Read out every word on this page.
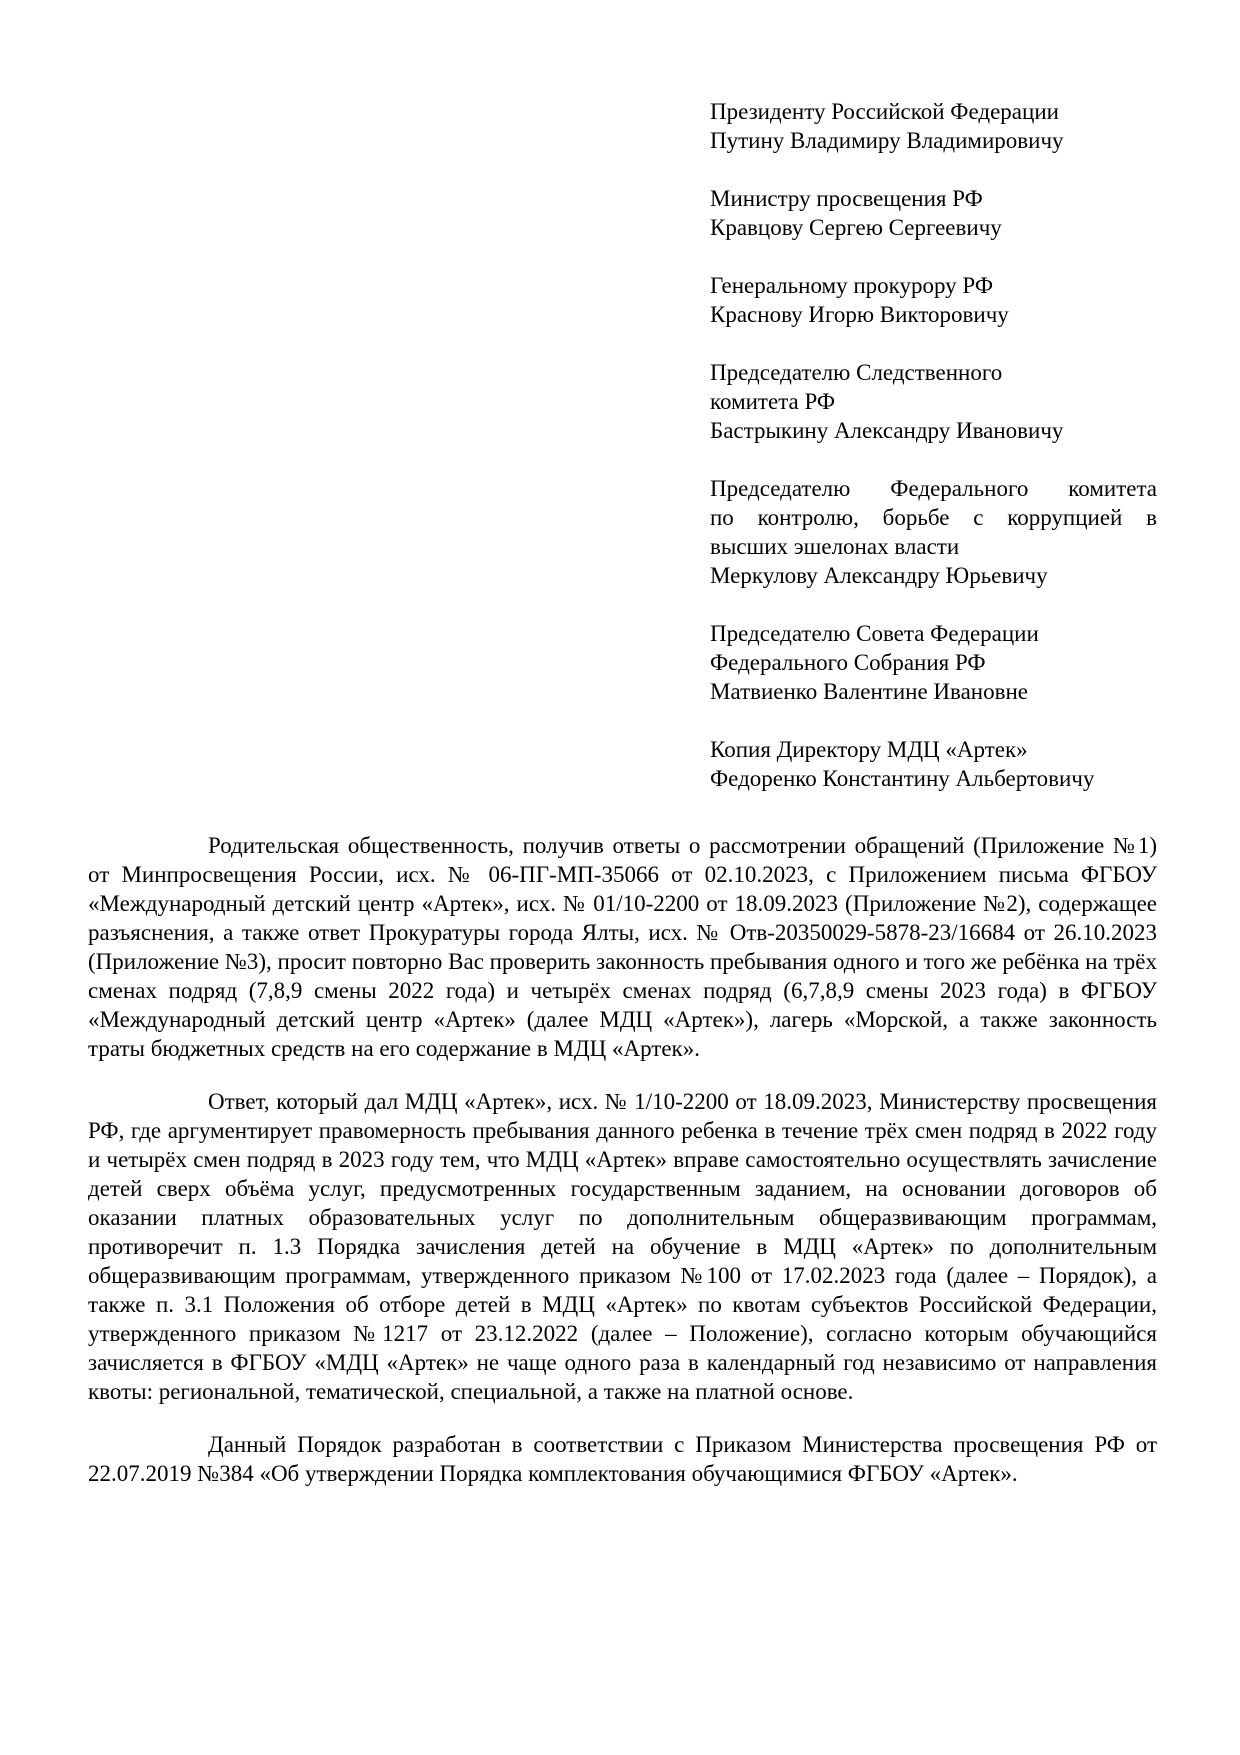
Президенту Российской Федерации
Путину Владимиру Владимировичу
Министру просвещения РФ
Кравцову Сергею Сергеевичу
Генеральному прокурору РФ
Краснову Игорю Викторовичу
Председателю Следственного
комитета РФ
Бастрыкину Александру Ивановичу
Председателю Федерального комитета
по контролю, борьбе с коррупцией в
высших эшелонах власти
Меркулову Александру Юрьевичу
Председателю Совета Федерации
Федерального Собрания РФ
Матвиенко Валентине Ивановне
Копия Директору МДЦ «Артек»
Федоренко Константину Альбертовичу

Родительская общественность, получив ответы о рассмотрении обращений (Приложение №1) от Минпросвещения России, исх. № 06-ПГ-МП-35066 от 02.10.2023, с Приложением письма ФГБОУ «Международный детский центр «Артек», исх. № 01/10-2200 от 18.09.2023 (Приложение №2), содержащее разъяснения, а также ответ Прокуратуры города Ялты, исх. № Отв-20350029-5878-23/16684 от 26.10.2023 (Приложение №3), просит повторно Вас проверить законность пребывания одного и того же ребёнка на трёх сменах подряд (7,8,9 смены 2022 года) и четырёх сменах подряд (6,7,8,9 смены 2023 года) в ФГБОУ «Международный детский центр «Артек» (далее МДЦ «Артек»), лагерь «Морской, а также законность траты бюджетных средств на его содержание в МДЦ «Артек».

Ответ, который дал МДЦ «Артек», исх. № 1/10-2200 от 18.09.2023, Министерству просвещения РФ, где аргументирует правомерность пребывания данного ребенка в течение трёх смен подряд в 2022 году и четырёх смен подряд в 2023 году тем, что МДЦ «Артек» вправе самостоятельно осуществлять зачисление детей сверх объёма услуг, предусмотренных государственным заданием, на основании договоров об оказании платных образовательных услуг по дополнительным общеразвивающим программам, противоречит п. 1.3 Порядка зачисления детей на обучение в МДЦ «Артек» по дополнительным общеразвивающим программам, утвержденного приказом №100 от 17.02.2023 года (далее – Порядок), а также п. 3.1 Положения об отборе детей в МДЦ «Артек» по квотам субъектов Российской Федерации, утвержденного приказом №1217 от 23.12.2022 (далее – Положение), согласно которым обучающийся зачисляется в ФГБОУ «МДЦ «Артек» не чаще одного раза в календарный год независимо от направления квоты: региональной, тематической, специальной, а также на платной основе.

Данный Порядок разработан в соответствии с Приказом Министерства просвещения РФ от 22.07.2019 №384 «Об утверждении Порядка комплектования обучающимися ФГБОУ «Артек».
